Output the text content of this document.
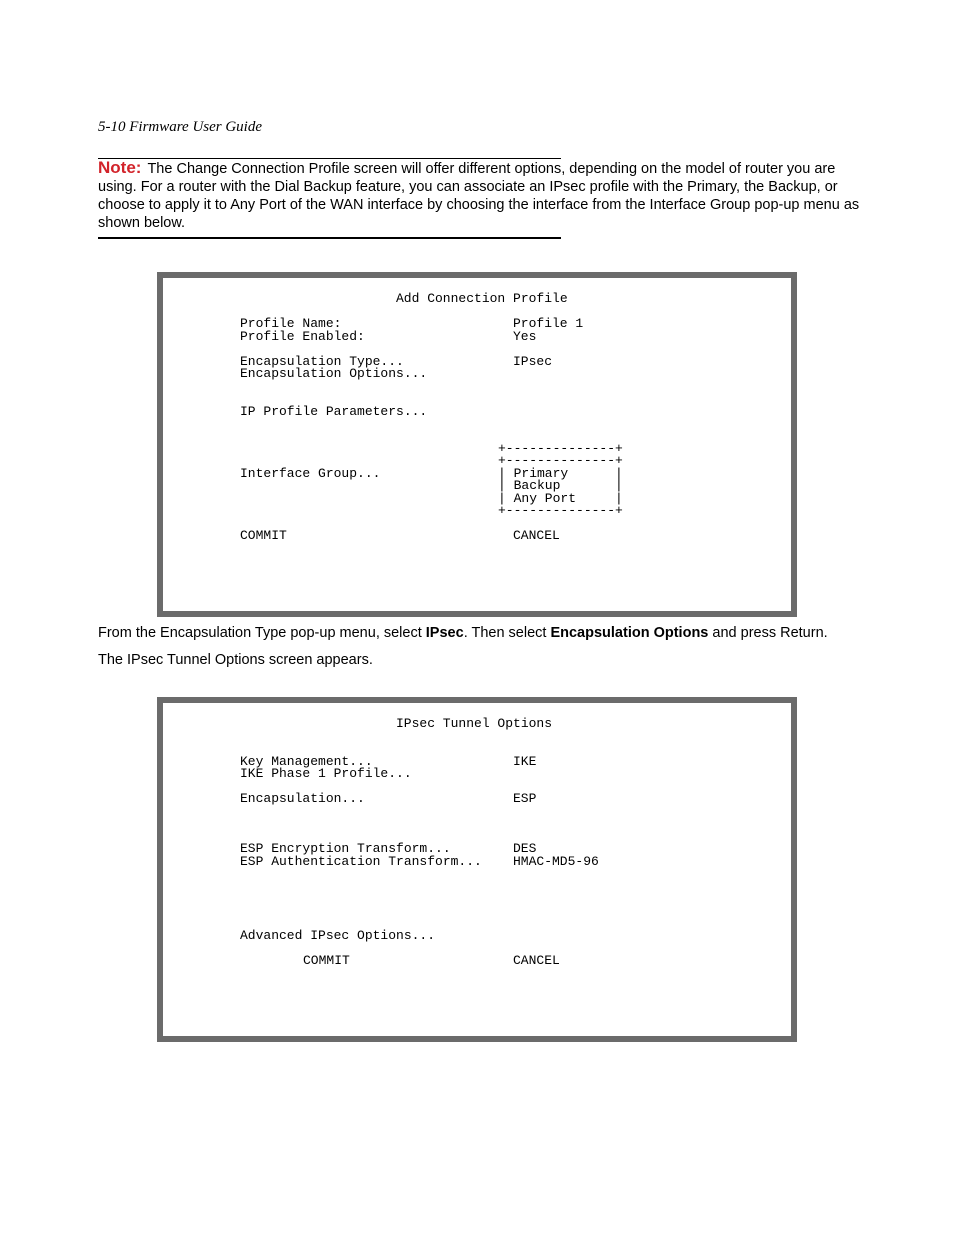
5-10 Firmware User Guide
Note: The Change Connection Profile screen will offer different options, depending on the model of router you are using. For a router with the Dial Backup feature, you can associate an IPsec profile with the Primary, the Backup, or choose to apply it to Any Port of the WAN interface by choosing the interface from the Interface Group pop-up menu as shown below.
Add Connection Profile
Profile Name:	Profile 1
Profile Enabled:	Yes
Encapsulation Type...	IPsec
Encapsulation Options...
IP Profile Parameters...
+--------------+
+--------------+
Interface Group...	| Primary      |
| Backup       |
| Any Port     |
+--------------+
COMMIT	CANCEL
From the Encapsulation Type pop-up menu, select IPsec. Then select Encapsulation Options and press Return.
The IPsec Tunnel Options screen appears.
IPsec Tunnel Options
Key Management...	IKE
IKE Phase 1 Profile...
Encapsulation...	ESP
ESP Encryption Transform...	DES
ESP Authentication Transform... HMAC-MD5-96
Advanced IPsec Options...
COMMIT	CANCEL
